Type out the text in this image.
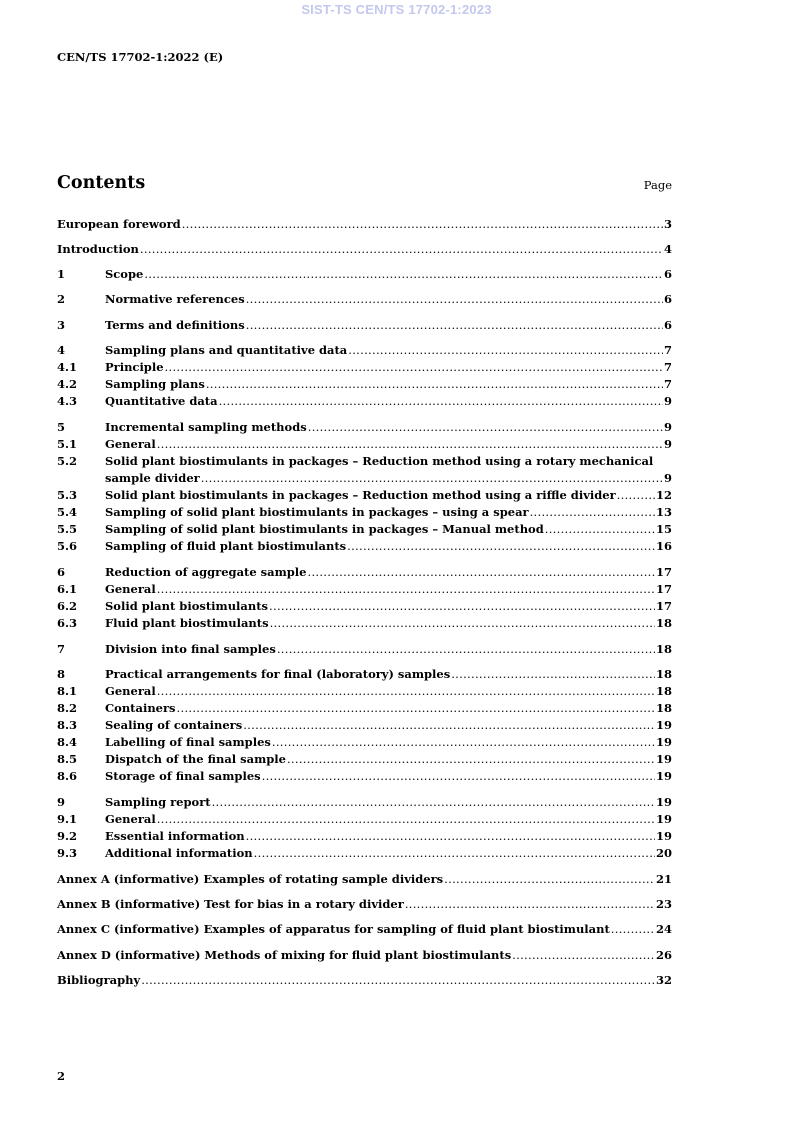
SIST-TS CEN/TS 17702-1:2023
CEN/TS 17702-1:2022 (E)
Contents	Page
European foreword .....	3
Introduction .....	4
1	Scope .....	6
2	Normative references .....	6
3	Terms and definitions .....	6
4	Sampling plans and quantitative data .....	7
4.1	Principle .....	7
4.2	Sampling plans .....	7
4.3	Quantitative data .....	9
5	Incremental sampling methods .....	9
5.1	General .....	9
5.2	Solid plant biostimulants in packages – Reduction method using a rotary mechanical
sample divider .....	9
5.3	Solid plant biostimulants in packages – Reduction method using a riffle divider .....	12
5.4	Sampling of solid plant biostimulants in packages – using a spear .....	13
5.5	Sampling of solid plant biostimulants in packages – Manual method .....	15
5.6	Sampling of fluid plant biostimulants .....	16
6	Reduction of aggregate sample .....	17
6.1	General .....	17
6.2	Solid plant biostimulants .....	17
6.3	Fluid plant biostimulants .....	18
7	Division into final samples .....	18
8	Practical arrangements for final (laboratory) samples .....	18
8.1	General .....	18
8.2	Containers .....	18
8.3	Sealing of containers .....	19
8.4	Labelling of final samples .....	19
8.5	Dispatch of the final sample .....	19
8.6	Storage of final samples .....	19
9	Sampling report .....	19
9.1	General .....	19
9.2	Essential information .....	19
9.3	Additional information .....	20
Annex A (informative) Examples of rotating sample dividers .....	21
Annex B (informative) Test for bias in a rotary divider .....	23
Annex C (informative) Examples of apparatus for sampling of fluid plant biostimulant .....	24
Annex D (informative) Methods of mixing for fluid plant biostimulants .....	26
Bibliography .....	32
2
